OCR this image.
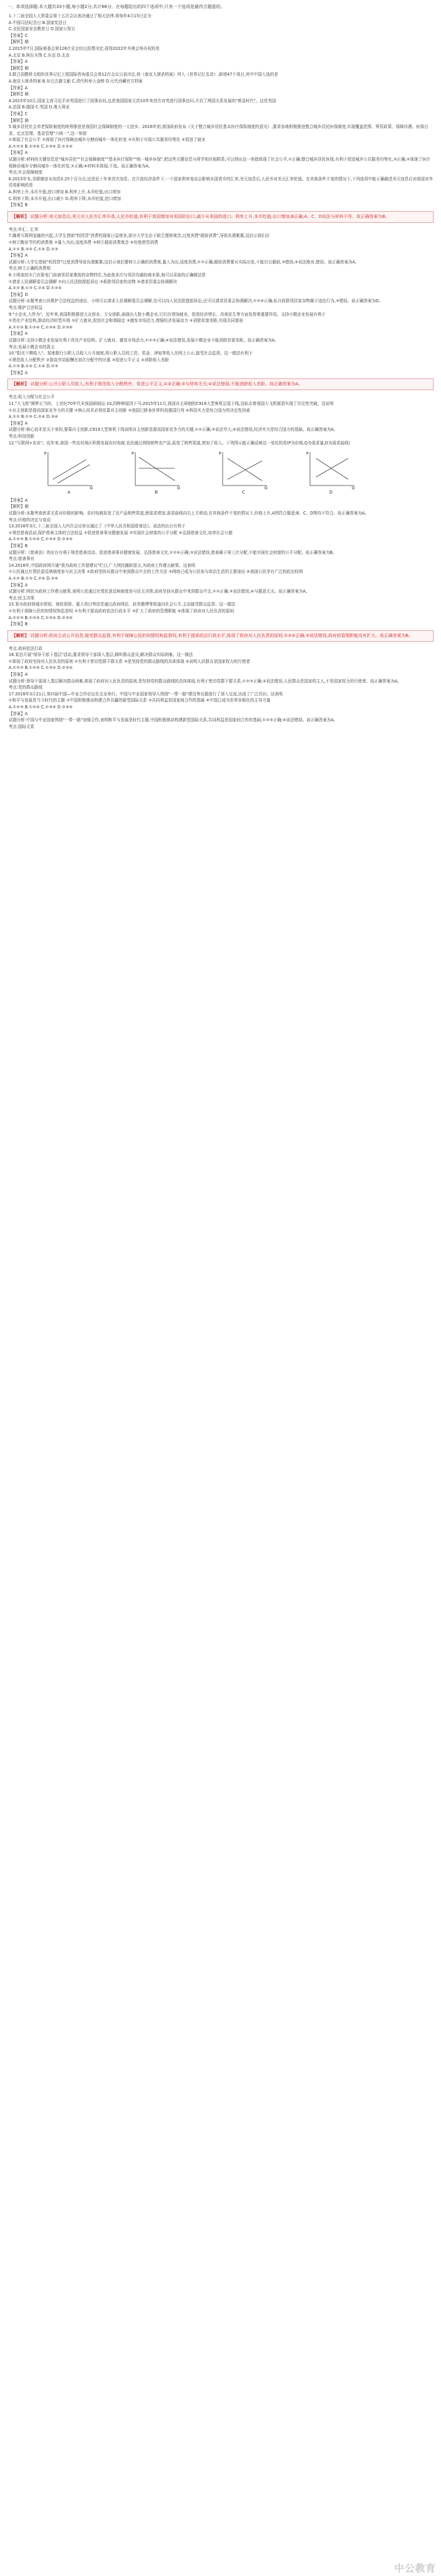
一、单项选择题:本大题共33小题,每小题2分,共计66分。在每题给出的四个选项中,只有一个选项是最符合题意的。
1.十二届全国人大常委会第十五次会议表决通过了相关法律,将每年4月15日定为
A.中国司法纪念日 B.国家宪法日
C.全民国家安全教育日 D.国家公祭日
【答案】C
【解析】略
2.2015年7月,国际奥委会第128次全会经过投票决定,获得2022年冬奥会举办权的是
A.北京 B.阿拉木图 C.东京 D.北京
【答案】A
【解析】略
3.联合国教科文组织世界记忆工程国际咨询委员会第12次会议日前决定,将《南京大屠杀档案》列入《世界记忆名录》,新增47个项目,其中中国入选的是
A.南京大屠杀档案 B.东巴古籍文献 C.清代科举大金榜 D.元代西藏官方档案
【答案】A
【解析】略
4.2015年10月,国家主席习近平对英国进行了国事访问,这是我国国家元首10年来首次对英进行国事访问,开启了两国关系发展的"黄金时代"。这是英国
A.法国 B.德国 C.英国 D.澳大利亚
【答案】C
【解析】略
5.城乡居民社会养老保险制度的统筹推进是我国社会保障制度的一大进步。2016年初,我国政府发布《关于整合城乡居民基本医疗保险制度的意见》,要求各地积极推进整合城乡居民医保制度,实现覆盖范围、筹资政策、保障待遇、医保目录、定点管理、基金管理"六统一",这一举措
①体现了社会公平 ②体现了医疗保障由城乡分割向城乡一体化转变 ③有利于实现公共服务均等化 ④促进了就业
A.①②③ B.②③④ C.①③④ D.①②④
【答案】A
试题分析:材料的关键信息是"城乡居民""社会保障制度""基本医疗保险""统一城乡医保",把这些关键信息与所学知识相联系,可以得出这一举措体现了社会公平,①正确;整合城乡居民医保,有利于促进城乡公共服务均等化,③正确;②体现了医疗保障由城乡分割向城乡一体化转变,②正确;④材料未体现,不选。故正确答案为A。
考点:社会保障制度
6.2015年末,美联储宣布加息0.25个百分点,这是近十年来首次加息。在开放经济条件下,一个国家利率变动会影响本国货币的汇率,美元加息后,人民币对美元汇率贬值。在其他条件不变的情况下,下列选项中能正确描述美元加息后对我国对外贸易影响的是
A.利率上升,本币升值,进口增加 B.利率上升,本币贬值,出口增加
C.利率下降,本币升值,出口减少 D.利率下降,本币贬值,进口增加
【答案】B
【解析】 试题分析:美元加息后,美元对人民币汇率升高,人民币贬值,有利于我国增加对美国的出口,减少从美国的进口。利率上升,本币贬值,出口增加,B正确;A、C、D说法与材料不符。故正确答案为B。
考点:外汇、汇率
7.随着互联网金融的兴起,大学生借助"校园贷"消费的现象日益增多,部分大学生由于缺乏理财观念,过度消费"超前消费",导致负债累累,这启示我们应
①树立勤俭节约的消费观 ②量入为出,适度消费 ③树立超前消费观念 ④杜绝借贷消费
A.①② B.③④ C.①④ D.②③
【答案】A
试题分析:大学生借助"校园贷"过度消费导致负债累累,这启示我们要树立正确的消费观,量入为出,适度消费,①②正确;超前消费要从实际出发,不能盲目超前,③错误;④说法绝对,错误。故正确答案为A。
考点:树立正确的消费观
8.小明家的木门在卧室门前被邻居家堆放的杂物挡住,为此他多次与邻居沟通协商未果,他可以采取的正确做法是
①请求人民调解委员会调解 ②向人民法院提起诉讼 ③拆除邻居家的杂物 ④请求居委会协调解决
A.①② B.①③ C.②④ D.①②④
【答案】D
试题分析:本题考查公民维护合法权益的途径。小明可以请求人民调解委员会调解,也可以向人民法院提起诉讼,还可以请求居委会协调解决,①②④正确;私自拆除邻居家杂物属于违法行为,③错误。故正确答案为D。
考点:维护合法权益
9."小企业,大作为"。近年来,我国积极推进大众创业、万众创新,涌现出大批小微企业,它们在增加就业、促进经济增长、改善民生等方面发挥着重要作用。支持小微企业发展有利于
①优化产业结构,推动经济转型升级 ②扩大就业,促进社会和谐稳定 ③激发市场活力,增强经济发展动力 ④消除贫富差距,实现共同富裕
A.①②③ B.①②④ C.①③④ D.②③④
【答案】A
试题分析:支持小微企业发展有利于优化产业结构、扩大就业、激发市场活力,①②③正确;④说法错误,发展小微企业不能消除贫富差距。故正确答案为A。
考点:发展小微企业的意义
10."阳光下晒收入"。某地推行公职人员收入公开制度,将公职人员的工资、奖金、津贴等收入在网上公示,接受社会监督。这一做法有利于
①规范收入分配秩序 ②提高劳动报酬在初次分配中的比重 ③促进公平正义 ④消除收入差距
A.①③ B.②④ C.①④ D.②③
【答案】A
【解析】 试题分析:公开公职人员收入,有利于规范收入分配秩序、促进公平正义,①③正确;②与材料无关;④说法错误,不能消除收入差距。故正确答案为A。
考点:收入分配与社会公平
11."大飞机"圆梦正当时。上世纪70年代末我国研制运-10,因种种原因下马;2015年11月,我国自主研制的C919大型客机总装下线,这标志着我国大飞机制造实现了历史性突破。这说明
①自主创新是提高国家竞争力的关键 ②核心技术必须依靠自主创新 ③我国已跻身世界科技强国行列 ④科技实力是综合国力的决定性因素
A.①② B.①③ C.②④ D.③④
【答案】A
试题分析:核心技术是买不来的,要靠自主创新,C919大型客机下线说明自主创新是提高国家竞争力的关键,①②正确;③说法夸大;④说法错误,经济实力是综合国力的基础。故正确答案为A。
考点:科技创新
12."互联网+农业"。近年来,我国一些农村地区积极发展农村电商,农民通过网络销售农产品,拓宽了销售渠道,增加了收入。下列图示能正确反映这一变化的是(P为价格,Q为需求量,D为需求曲线)
P
Q
A
P
Q
B
P
Q
C
P
Q
D
【答案】A
【解析】略
试题分析:本题考查供求关系对价格的影响。农村电商拓宽了农产品销售渠道,使需求增加,需求曲线向右上方移动,在其他条件不变的情况下,价格上升,A图符合题意;B、C、D图均不符合。故正确答案为A。
考点:价格的决定与变动
13.2016年3月,十二届全国人大四次会议审议通过了《中华人民共和国慈善法》。该法的出台有利于
①规范慈善活动,保护慈善主体的合法权益 ②促进慈善事业健康发展 ③实现社会财富的公平分配 ④弘扬慈善文化,培育社会公德
A.①②③ B.①②④ C.①③④ D.②③④
【答案】B
试题分析:《慈善法》的出台有利于规范慈善活动、促进慈善事业健康发展、弘扬慈善文化,①②④正确;③说法错误,慈善属于第三次分配,不能实现社会财富的公平分配。故正确答案为B。
考点:慈善事业
14.2016年,中国政府网开通"我为政府工作提建议"栏目,广大网民踊跃留言,为政府工作建言献策。这表明
①公民通过社情民意反映制度参与民主决策 ②政府坚持从群众中来到群众中去的工作方法 ③网络已成为公民参与政治生活的主要途径 ④我国公民享有广泛的政治权利
A.①② B.①③ C.②④ D.③④
【答案】A
试题分析:网民为政府工作建言献策,表明公民通过社情民意反映制度参与民主决策,政府坚持从群众中来到群众中去,①②正确;③说法错误;④与题意无关。故正确答案为A。
考点:民主决策
15.某市政府将城市规划、财政预算、重大项目等信息通过政府网站、政务微博等渠道向社会公开,主动接受群众监督。这一做法
①有利于保障公民的知情权和监督权 ②有利于提高政府依法行政水平 ③扩大了政府的管理职能 ④体现了政府对人民负责的原则
A.①②③ B.①②④ C.①③④ D.②③④
【答案】B
【解析】 试题分析:政府主动公开信息,接受群众监督,有利于保障公民的知情权和监督权,有利于提高依法行政水平,体现了政府对人民负责的原则,①②④正确;③说法错误,政府的管理职能没有扩大。故正确答案为B。
考点:政府依法行政
16.某县开展"领导干部下基层"活动,要求领导干部深入基层,倾听群众意见,解决群众实际困难。这一做法
①体现了政府坚持对人民负责的原则 ②有利于密切党群干群关系 ③是坚持党的群众路线的具体体现 ④说明人民群众是国家权力的行使者
A.①②③ B.①②④ C.①③④ D.②③④
【答案】A
试题分析:领导干部深入基层解决群众困难,体现了政府对人民负责的原则,是坚持党的群众路线的具体体现,有利于密切党群干群关系,①②③正确;④说法错误,人民群众是国家的主人,不是国家权力的行使者。故正确答案为A。
考点:党的群众路线
17.2016年3月21日,第四届中国—中亚合作论坛在北京举行。中国与中亚国家领导人围绕"一带一路"建设等议题进行了深入交流,达成了广泛共识。这表明
①和平与发展是当今时代的主题 ②中国积极推动构建合作共赢的新型国际关系 ③共同利益是国家间合作的基础 ④中国已成为世界多极化的主导力量
A.①②③ B.①②④ C.①③④ D.②③④
【答案】A
试题分析:中国与中亚国家围绕"一带一路"加强合作,表明和平与发展是时代主题,中国积极推动构建新型国际关系,共同利益是国家间合作的基础,①②③正确;④说法错误。故正确答案为A。
考点:国际关系
中公教育
